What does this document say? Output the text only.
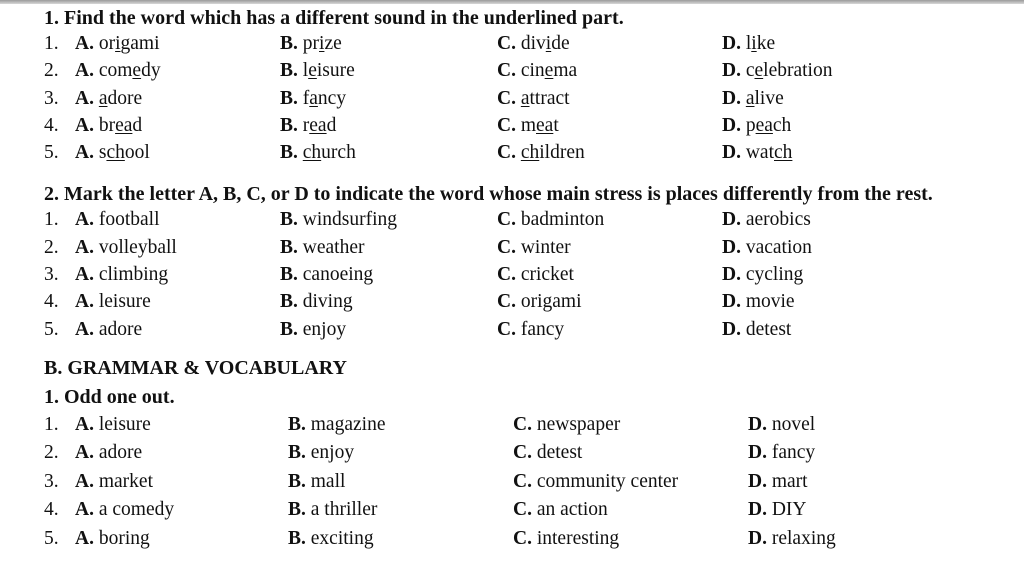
1. Find the word which has a different sound in the underlined part.
1. A. origami	B. prize	C. divide	D. like
2. A. comedy	B. leisure	C. cinema	D. celebration
3. A. adore	B. fancy	C. attract	D. alive
4. A. bread	B. read	C. meat	D. peach
5. A. school	B. church	C. children	D. watch
2. Mark the letter A, B, C, or D to indicate the word whose main stress is places differently from the rest.
1. A. football	B. windsurfing	C. badminton	D. aerobics
2. A. volleyball	B. weather	C. winter	D. vacation
3. A. climbing	B. canoeing	C. cricket	D. cycling
4. A. leisure	B. diving	C. origami	D. movie
5. A. adore	B. enjoy	C. fancy	D. detest
B. GRAMMAR & VOCABULARY
1. Odd one out.
1. A. leisure	B. magazine	C. newspaper	D. novel
2. A. adore	B. enjoy	C. detest	D. fancy
3. A. market	B. mall	C. community center	D. mart
4. A. a comedy	B. a thriller	C. an action	D. DIY
5. A. boring	B. exciting	C. interesting	D. relaxing
